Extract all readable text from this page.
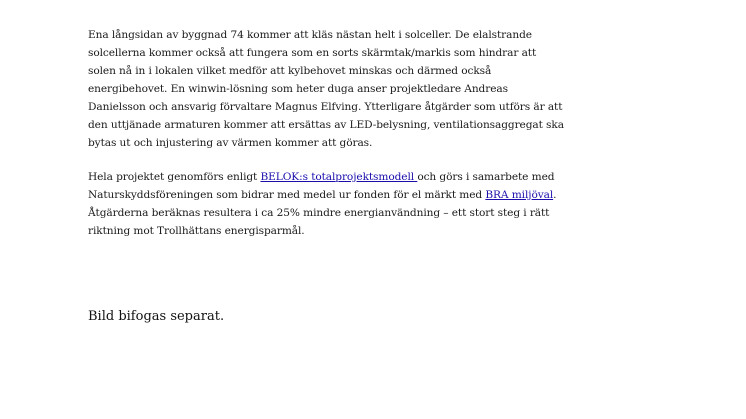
Ena långsidan av byggnad 74 kommer att kläs nästan helt i solceller. De elalstrande
solcellerna kommer också att fungera som en sorts skärmtak/markis som hindrar att
solen nå in i lokalen vilket medför att kylbehovet minskas och därmed också
energibehovet. En winwin-lösning som heter duga anser projektledare Andreas
Danielsson och ansvarig förvaltare Magnus Elfving. Ytterligare åtgärder som utförs är att
den uttjänade armaturen kommer att ersättas av LED-belysning, ventilationsaggregat ska
bytas ut och injustering av värmen kommer att göras.

Hela projektet genomförs enligt BELOK:s totalprojektsmodell och görs i samarbete med
Naturskyddsföreningen som bidrar med medel ur fonden för el märkt med BRA miljöval.
Åtgärderna beräknas resultera i ca 25% mindre energianvändning – ett stort steg i rätt
riktning mot Trollhättans energisparmål.

Bild bifogas separat.
